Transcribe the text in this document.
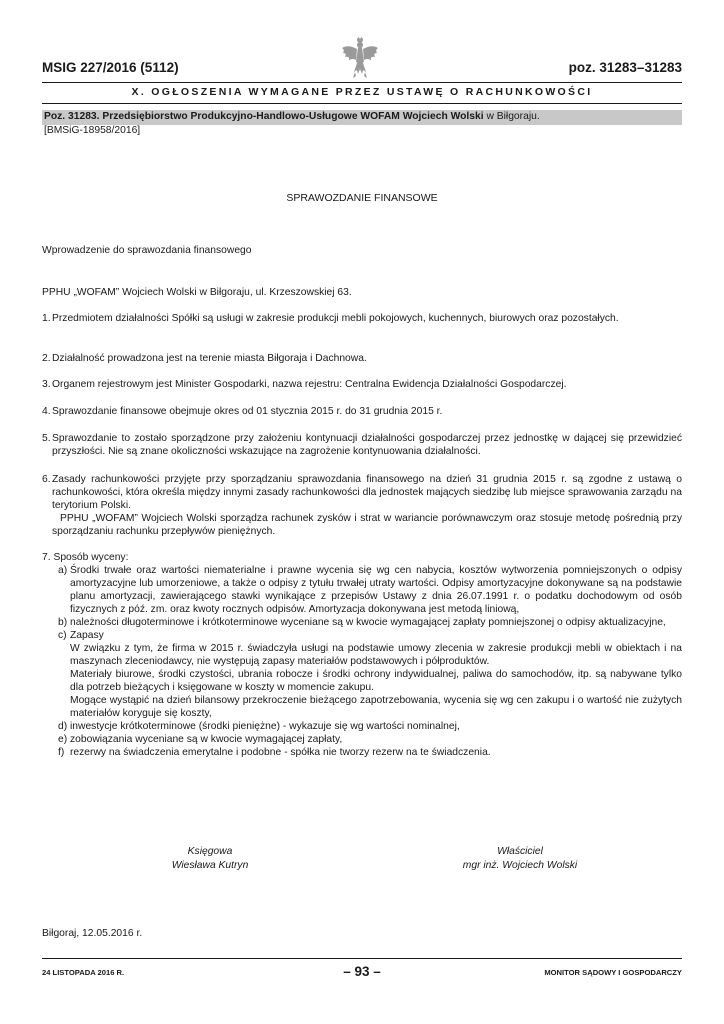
MSIG 227/2016 (5112)	poz. 31283–31283
X. OGŁOSZENIA WYMAGANE PRZEZ USTAWĘ O RACHUNKOWOŚCI
Poz. 31283. Przedsiębiorstwo Produkcyjno-Handlowo-Usługowe WOFAM Wojciech Wolski w Biłgoraju.
[BMSiG-18958/2016]
SPRAWOZDANIE FINANSOWE
Wprowadzenie do sprawozdania finansowego
PPHU „WOFAM” Wojciech Wolski w Biłgoraju, ul. Krzeszowskiej 63.
1. Przedmiotem działalności Spółki są usługi w zakresie produkcji mebli pokojowych, kuchennych, biurowych oraz pozostałych.
2. Działalność prowadzona jest na terenie miasta Biłgoraja i Dachnowa.
3. Organem rejestrowym jest Minister Gospodarki, nazwa rejestru: Centralna Ewidencja Działalności Gospodarczej.
4. Sprawozdanie finansowe obejmuje okres od 01 stycznia 2015 r. do 31 grudnia 2015 r.
5. Sprawozdanie to zostało sporządzone przy założeniu kontynuacji działalności gospodarczej przez jednostkę w dającej się przewidzieć przyszłości. Nie są znane okoliczności wskazujące na zagrożenie kontynuowania działalności.
6. Zasady rachunkowości przyjęte przy sporządzaniu sprawozdania finansowego na dzień 31 grudnia 2015 r. są zgodne z ustawą o rachunkowości, która określa między innymi zasady rachunkowości dla jednostek mających siedzibę lub miejsce sprawowania zarządu na terytorium Polski.
PPHU „WOFAM” Wojciech Wolski sporządza rachunek zysków i strat w wariancie porównawczym oraz stosuje metodę pośrednią przy sporządzaniu rachunku przepływów pieniężnych.
7. Sposób wyceny:
a) Środki trwałe oraz wartości niematerialne i prawne wycenia się wg cen nabycia, kosztów wytworzenia pomniejszonych o odpisy amortyzacyjne lub umorzeniowe, a także o odpisy z tytułu trwałej utraty wartości. Odpisy amortyzacyjne dokonywane są na podstawie planu amortyzacji, zawierającego stawki wynikające z przepisów Ustawy z dnia 26.07.1991 r. o podatku dochodowym od osób fizycznych z póź. zm. oraz kwoty rocznych odpisów. Amortyzacja dokonywana jest metodą liniową,
b) należności długoterminowe i krótkoterminowe wyceniane są w kwocie wymagającej zapłaty pomniejszonej o odpisy aktualizacyjne,
c) Zapasy
W związku z tym, że firma w 2015 r. świadczyła usługi na podstawie umowy zlecenia w zakresie produkcji mebli w obiektach i na maszynach zleceniodawcy, nie występują zapasy materiałów podstawowych i półproduktów.
Materiały biurowe, środki czystości, ubrania robocze i środki ochrony indywidualnej, paliwa do samochodów, itp. są nabywane tylko dla potrzeb bieżących i księgowane w koszty w momencie zakupu.
Mogące wystąpić na dzień bilansowy przekroczenie bieżącego zapotrzebowania, wycenia się wg cen zakupu i o wartość nie zużytych materiałów koryguje się koszty,
d) inwestycje krótkoterminowe (środki pieniężne) - wykazuje się wg wartości nominalnej,
e) zobowiązania wyceniane są w kwocie wymagającej zapłaty,
f) rezerwy na świadczenia emerytalne i podobne - spółka nie tworzy rezerw na te świadczenia.
Księgowa
Wiesława Kutryn
Właściciel
mgr inż. Wojciech Wolski
Biłgoraj, 12.05.2016 r.
24 LISTOPADA 2016 R.	– 93 –	MONITOR SĄDOWY I GOSPODARCZY
